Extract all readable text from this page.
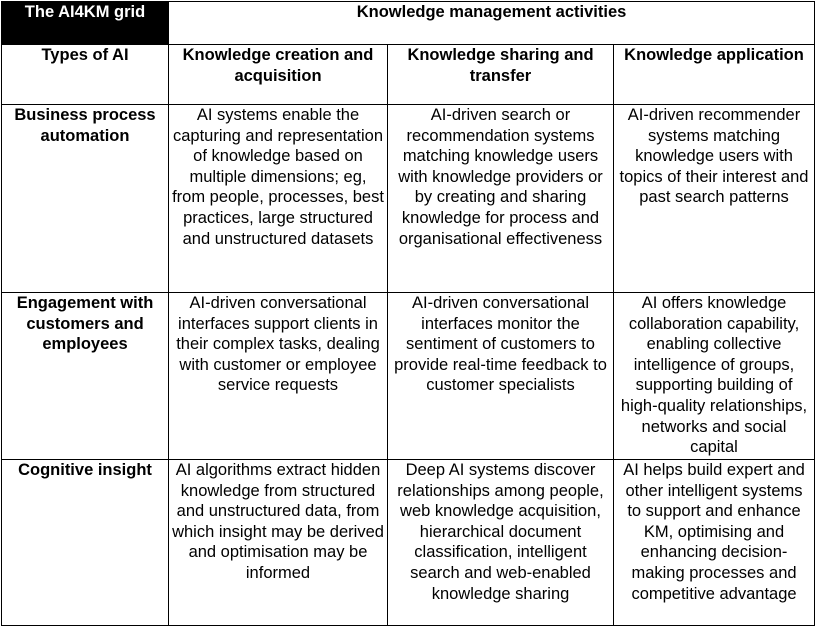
The AI4KM grid	Knowledge management activities		
Types of AI	Knowledge creation and acquisition	Knowledge sharing and transfer	Knowledge application
Business process automation	AI systems enable the capturing and representation of knowledge based on multiple dimensions; eg, from people, processes, best practices, large structured and unstructured datasets	AI-driven search or recommendation systems matching knowledge users with knowledge providers or by creating and sharing knowledge for process and organisational effectiveness	AI-driven recommender systems matching knowledge users with topics of their interest and past search patterns
Engagement with customers and employees	AI-driven conversational interfaces support clients in their complex tasks, dealing with customer or employee service requests	AI-driven conversational interfaces monitor the sentiment of customers to provide real-time feedback to customer specialists	AI offers knowledge collaboration capability, enabling collective intelligence of groups, supporting building of high-quality relationships, networks and social capital
Cognitive insight	AI algorithms extract hidden knowledge from structured and unstructured data, from which insight may be derived and optimisation may be informed	Deep AI systems discover relationships among people, web knowledge acquisition, hierarchical document classification, intelligent search and web-enabled knowledge sharing	AI helps build expert and other intelligent systems to support and enhance KM, optimising and enhancing decision-making processes and competitive advantage
